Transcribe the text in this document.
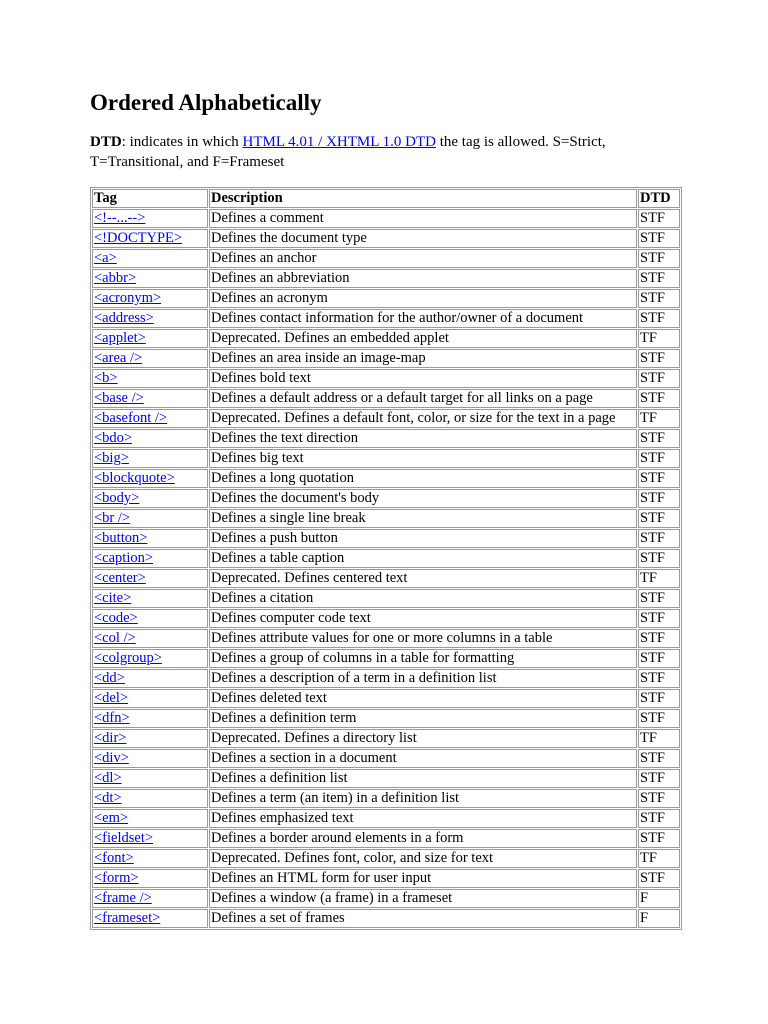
Ordered Alphabetically

DTD: indicates in which HTML 4.01 / XHTML 1.0 DTD the tag is allowed. S=Strict, T=Transitional, and F=Frameset

Tag	Description	DTD
<!--...-->	Defines a comment	STF
<!DOCTYPE>	Defines the document type	STF
<a>	Defines an anchor	STF
<abbr>	Defines an abbreviation	STF
<acronym>	Defines an acronym	STF
<address>	Defines contact information for the author/owner of a document	STF
<applet>	Deprecated. Defines an embedded applet	TF
<area />	Defines an area inside an image-map	STF
<b>	Defines bold text	STF
<base />	Defines a default address or a default target for all links on a page	STF
<basefont />	Deprecated. Defines a default font, color, or size for the text in a page	TF
<bdo>	Defines the text direction	STF
<big>	Defines big text	STF
<blockquote>	Defines a long quotation	STF
<body>	Defines the document's body	STF
<br />	Defines a single line break	STF
<button>	Defines a push button	STF
<caption>	Defines a table caption	STF
<center>	Deprecated. Defines centered text	TF
<cite>	Defines a citation	STF
<code>	Defines computer code text	STF
<col />	Defines attribute values for one or more columns in a table	STF
<colgroup>	Defines a group of columns in a table for formatting	STF
<dd>	Defines a description of a term in a definition list	STF
<del>	Defines deleted text	STF
<dfn>	Defines a definition term	STF
<dir>	Deprecated. Defines a directory list	TF
<div>	Defines a section in a document	STF
<dl>	Defines a definition list	STF
<dt>	Defines a term (an item) in a definition list	STF
<em>	Defines emphasized text	STF
<fieldset>	Defines a border around elements in a form	STF
<font>	Deprecated. Defines font, color, and size for text	TF
<form>	Defines an HTML form for user input	STF
<frame />	Defines a window (a frame) in a frameset	F
<frameset>	Defines a set of frames	F
